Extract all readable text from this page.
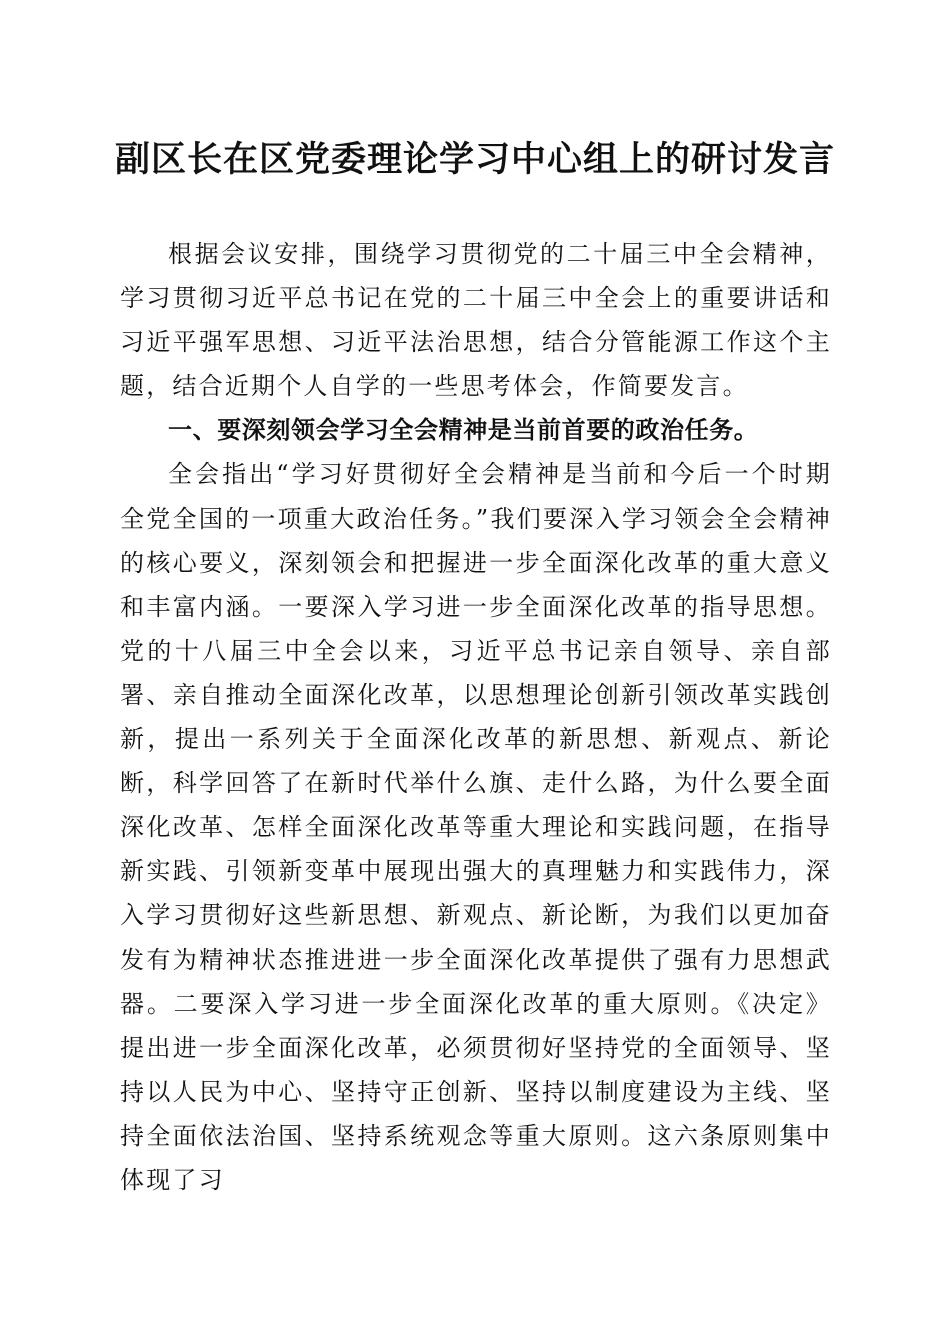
副区长在区党委理论学习中心组上的研讨发言

根据会议安排，围绕学习贯彻党的二十届三中全会精神，学习贯彻习近平总书记在党的二十届三中全会上的重要讲话和习近平强军思想、习近平法治思想，结合分管能源工作这个主题，结合近期个人自学的一些思考体会，作简要发言。

一、要深刻领会学习全会精神是当前首要的政治任务。

全会指出“学习好贯彻好全会精神是当前和今后一个时期全党全国的一项重大政治任务。”我们要深入学习领会全会精神的核心要义，深刻领会和把握进一步全面深化改革的重大意义和丰富内涵。一要深入学习进一步全面深化改革的指导思想。党的十八届三中全会以来，习近平总书记亲自领导、亲自部署、亲自推动全面深化改革，以思想理论创新引领改革实践创新，提出一系列关于全面深化改革的新思想、新观点、新论断，科学回答了在新时代举什么旗、走什么路，为什么要全面深化改革、怎样全面深化改革等重大理论和实践问题，在指导新实践、引领新变革中展现出强大的真理魅力和实践伟力，深入学习贯彻好这些新思想、新观点、新论断，为我们以更加奋发有为精神状态推进进一步全面深化改革提供了强有力思想武器。二要深入学习进一步全面深化改革的重大原则。《决定》提出进一步全面深化改革，必须贯彻好坚持党的全面领导、坚持以人民为中心、坚持守正创新、坚持以制度建设为主线、坚持全面依法治国、坚持系统观念等重大原则。这六条原则集中体现了习
